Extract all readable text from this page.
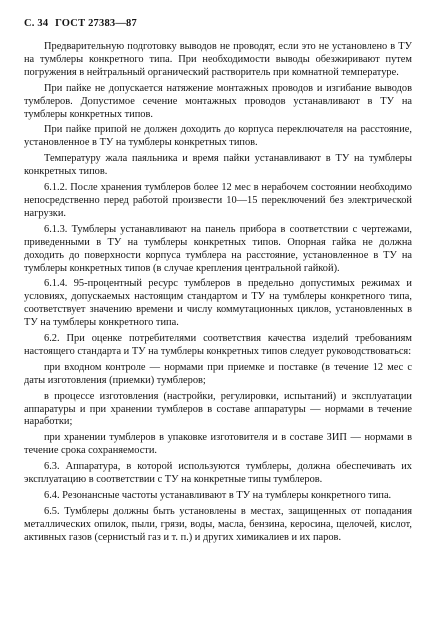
С. 34 ГОСТ 27383—87

Предварительную подготовку выводов не проводят, если это не установлено в ТУ на тумблеры конкретного типа. При необходимости выводы обезжиривают путем погружения в нейтральный органический растворитель при комнатной температуре.

При пайке не допускается натяжение монтажных проводов и изгибание выводов тумблеров. Допустимое сечение монтажных проводов устанавливают в ТУ на тумблеры конкретных типов.

При пайке припой не должен доходить до корпуса переключателя на расстояние, установленное в ТУ на тумблеры конкретных типов.

Температуру жала паяльника и время пайки устанавливают в ТУ на тумблеры конкретных типов.

6.1.2. После хранения тумблеров более 12 мес в нерабочем состоянии необходимо непосредственно перед работой произвести 10—15 переключений без электрической нагрузки.

6.1.3. Тумблеры устанавливают на панель прибора в соответствии с чертежами, приведенными в ТУ на тумблеры конкретных типов. Опорная гайка не должна доходить до поверхности корпуса тумблера на расстояние, установленное в ТУ на тумблеры конкретных типов (в случае крепления центральной гайкой).

6.1.4. 95-процентный ресурс тумблеров в предельно допустимых режимах и условиях, допускаемых настоящим стандартом и ТУ на тумблеры конкретного типа, соответствует значению времени и числу коммутационных циклов, установленных в ТУ на тумблеры конкретного типа.

6.2. При оценке потребителями соответствия качества изделий требованиям настоящего стандарта и ТУ на тумблеры конкретных типов следует руководствоваться:

при входном контроле — нормами при приемке и поставке (в течение 12 мес с даты изготовления (приемки) тумблеров;

в процессе изготовления (настройки, регулировки, испытаний) и эксплуатации аппаратуры и при хранении тумблеров в составе аппаратуры — нормами в течение наработки;

при хранении тумблеров в упаковке изготовителя и в составе ЗИП — нормами в течение срока сохраняемости.

6.3. Аппаратура, в которой используются тумблеры, должна обеспечивать их эксплуатацию в соответствии с ТУ на конкретные типы тумблеров.

6.4. Резонансные частоты устанавливают в ТУ на тумблеры конкретного типа.

6.5. Тумблеры должны быть установлены в местах, защищенных от попадания металлических опилок, пыли, грязи, воды, масла, бензина, керосина, щелочей, кислот, активных газов (сернистый газ и т. п.) и других химикалиев и их паров.
